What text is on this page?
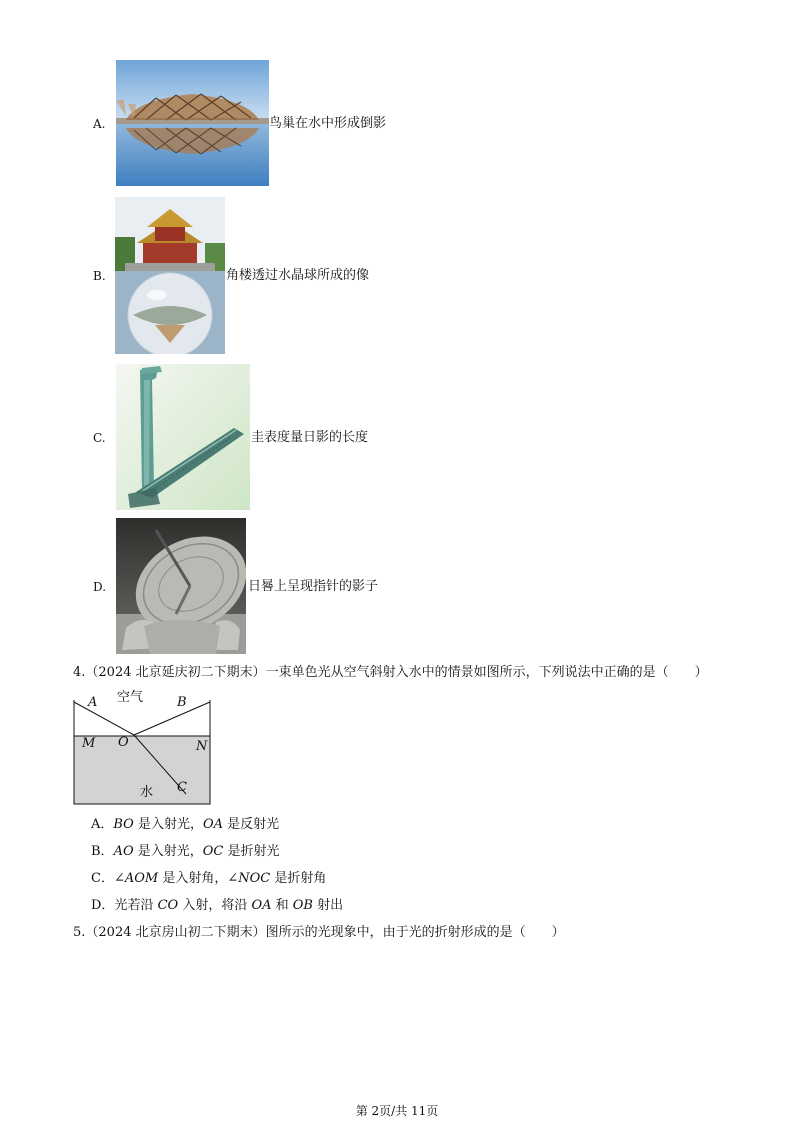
A.	鸟巢在水中形成倒影
B.	角楼透过水晶球所成的像
C.	圭表度量日影的长度
D.	日晷上呈现指针的影子
4.（2024 北京延庆初二下期末）一束单色光从空气斜射入水中的情景如图所示，下列说法中正确的是（　　）
A 空气	B
M O	N
水 C
A．BO 是入射光，OA 是反射光
B．AO 是入射光，OC 是折射光
C．∠AOM 是入射角，∠NOC 是折射角
D．光若沿 CO 入射，将沿 OA 和 OB 射出
5.（2024 北京房山初二下期末）图所示的光现象中，由于光的折射形成的是（　　）
第 2页/共 11页
